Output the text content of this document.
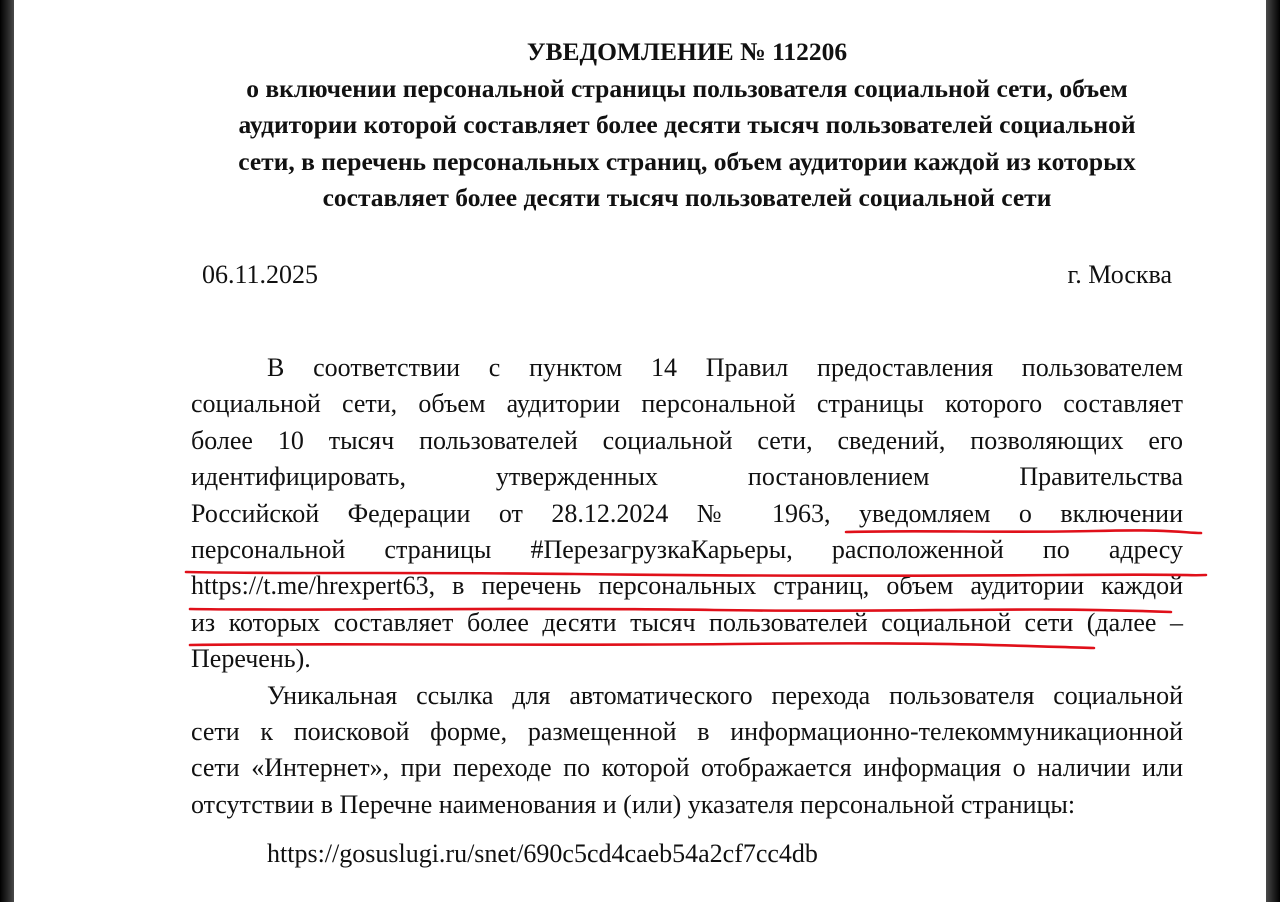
УВЕДОМЛЕНИЕ № 112206
о включении персональной страницы пользователя социальной сети, объем
аудитории которой составляет более десяти тысяч пользователей социальной
сети, в перечень персональных страниц, объем аудитории каждой из которых
составляет более десяти тысяч пользователей социальной сети
06.11.2025	г. Москва
В соответствии с пунктом 14 Правил предоставления пользователем
социальной сети, объем аудитории персональной страницы которого составляет
более 10 тысяч пользователей социальной сети, сведений, позволяющих его
идентифицировать, утвержденных постановлением Правительства
Российской Федерации от 28.12.2024 № 1963, уведомляем о включении
персональной страницы #ПерезагрузкаКарьеры, расположенной по адресу
https://t.me/hrexpert63, в перечень персональных страниц, объем аудитории каждой
из которых составляет более десяти тысяч пользователей социальной сети (далее –
Перечень).
Уникальная ссылка для автоматического перехода пользователя социальной
сети к поисковой форме, размещенной в информационно-телекоммуникационной
сети «Интернет», при переходе по которой отображается информация о наличии или
отсутствии в Перечне наименования и (или) указателя персональной страницы:
https://gosuslugi.ru/snet/690c5cd4caeb54a2cf7cc4db
